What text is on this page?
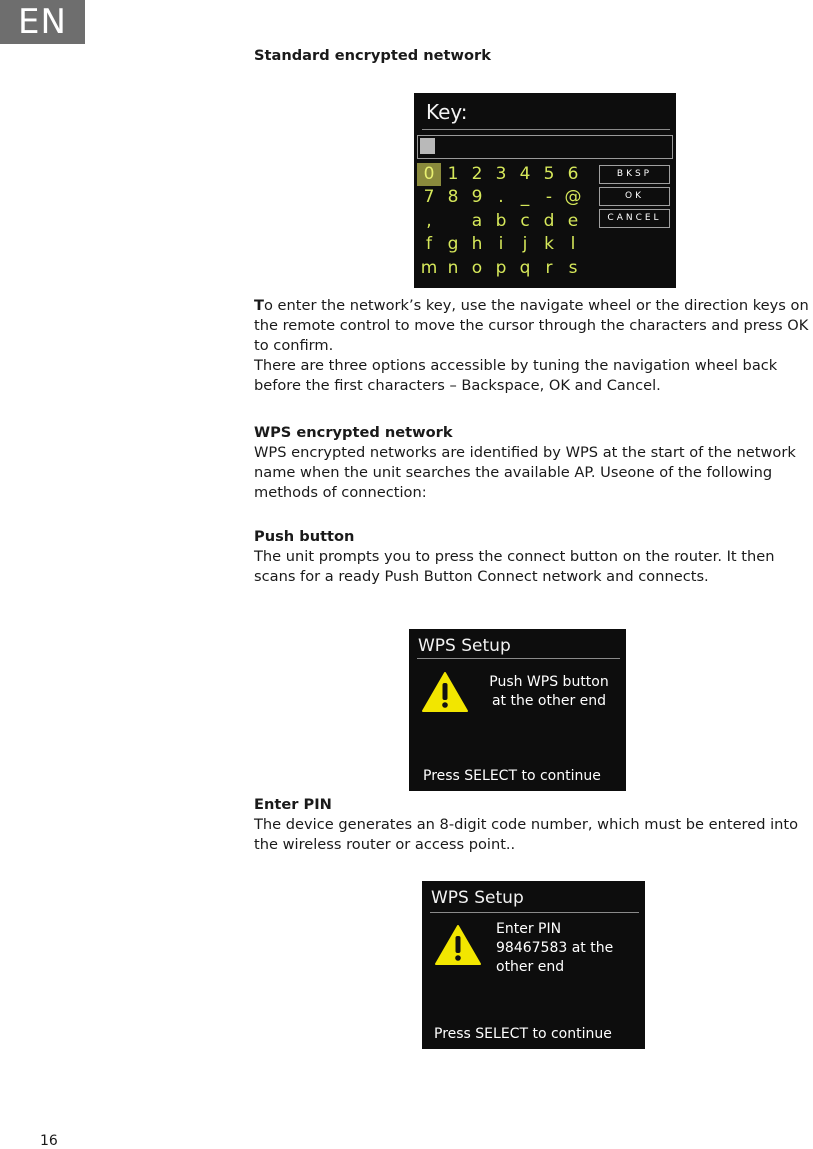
EN
Standard encrypted network
Key:
0 1 2 3 4 5 6
7 8 9 .	_ - @
,	a b c d e
f g h i	j k l
m n o p q r s
BKSP
OK
CANCEL

To enter the network’s key, use the navigate wheel or the direction keys on the remote control to move the cursor through the characters and press OK to confirm.

There are three options accessible by tuning the navigation wheel back before the first characters – Backspace, OK and Cancel.

WPS encrypted network

WPS encrypted networks are identified by WPS at the start of the network name when the unit searches the available AP. Useone of the following methods of connection:

Push button

The unit prompts you to press the connect button on the router. It then scans for a ready Push Button Connect network and connects.

WPS Setup
Push WPS button
at the other end
Press SELECT to continue

Enter PIN

The device generates an 8-digit code number, which must be entered into the wireless router or access point..

WPS Setup
Enter PIN
98467583 at the
other end
Press SELECT to continue
16
